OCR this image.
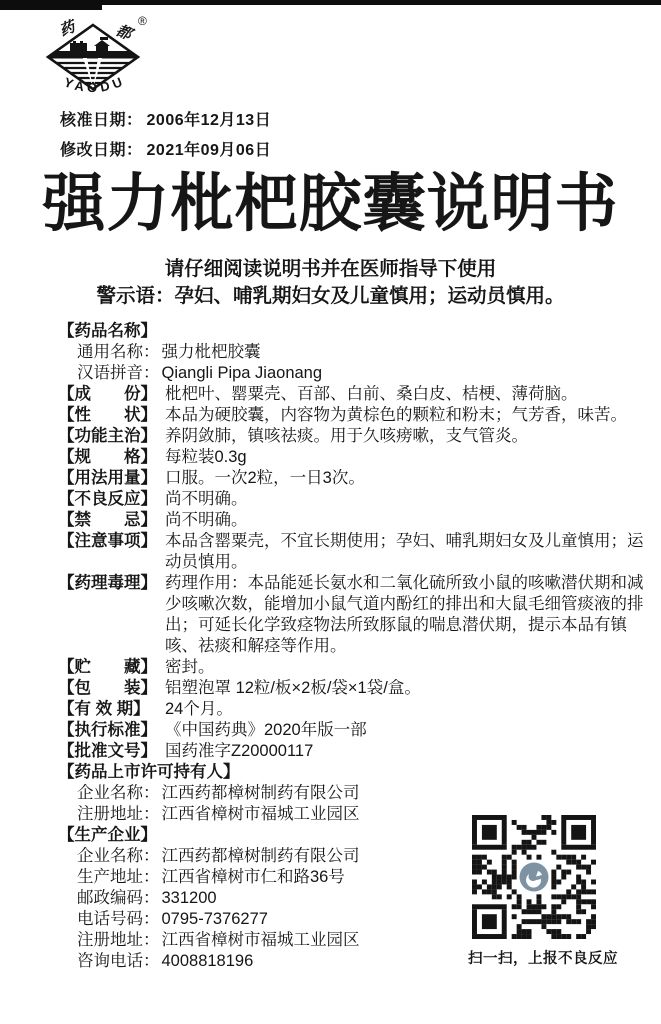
药 都
®
YAODU
核准日期： 2006年12月13日
修改日期： 2021年09月06日
强力枇杷胶囊说明书
请仔细阅读说明书并在医师指导下使用
警示语：孕妇、哺乳期妇女及儿童慎用；运动员慎用。
【药品名称】
通用名称： 强力枇杷胶囊
汉语拼音： Qiangli Pipa Jiaonang
【成　　份】 枇杷叶、罂粟壳、百部、白前、桑白皮、桔梗、薄荷脑。
【性　　状】 本品为硬胶囊，内容物为黄棕色的颗粒和粉末；气芳香，味苦。
【功能主治】 养阴敛肺，镇咳祛痰。用于久咳痨嗽，支气管炎。
【规　　格】 每粒装0.3g
【用法用量】 口服。一次2粒，一日3次。
【不良反应】 尚不明确。
【禁　　忌】 尚不明确。
【注意事项】 本品含罂粟壳，不宜长期使用；孕妇、哺乳期妇女及儿童慎用；运动员慎用。
【药理毒理】 药理作用：本品能延长氨水和二氧化硫所致小鼠的咳嗽潜伏期和减少咳嗽次数，能增加小鼠气道内酚红的排出和大鼠毛细管痰液的排出；可延长化学致痉物法所致豚鼠的喘息潜伏期，提示本品有镇咳、祛痰和解痉等作用。
【贮　　藏】 密封。
【包　　装】 铝塑泡罩 12粒/板×2板/袋×1袋/盒。
【有 效 期】 24个月。
【执行标准】 《中国药典》2020年版一部
【批准文号】 国药准字Z20000117
【药品上市许可持有人】
企业名称： 江西药都樟树制药有限公司
注册地址： 江西省樟树市福城工业园区
【生产企业】
企业名称： 江西药都樟树制药有限公司
生产地址： 江西省樟树市仁和路36号
邮政编码： 331200
电话号码： 0795-7376277
注册地址： 江西省樟树市福城工业园区
咨询电话： 4008818196	扫一扫，上报不良反应
